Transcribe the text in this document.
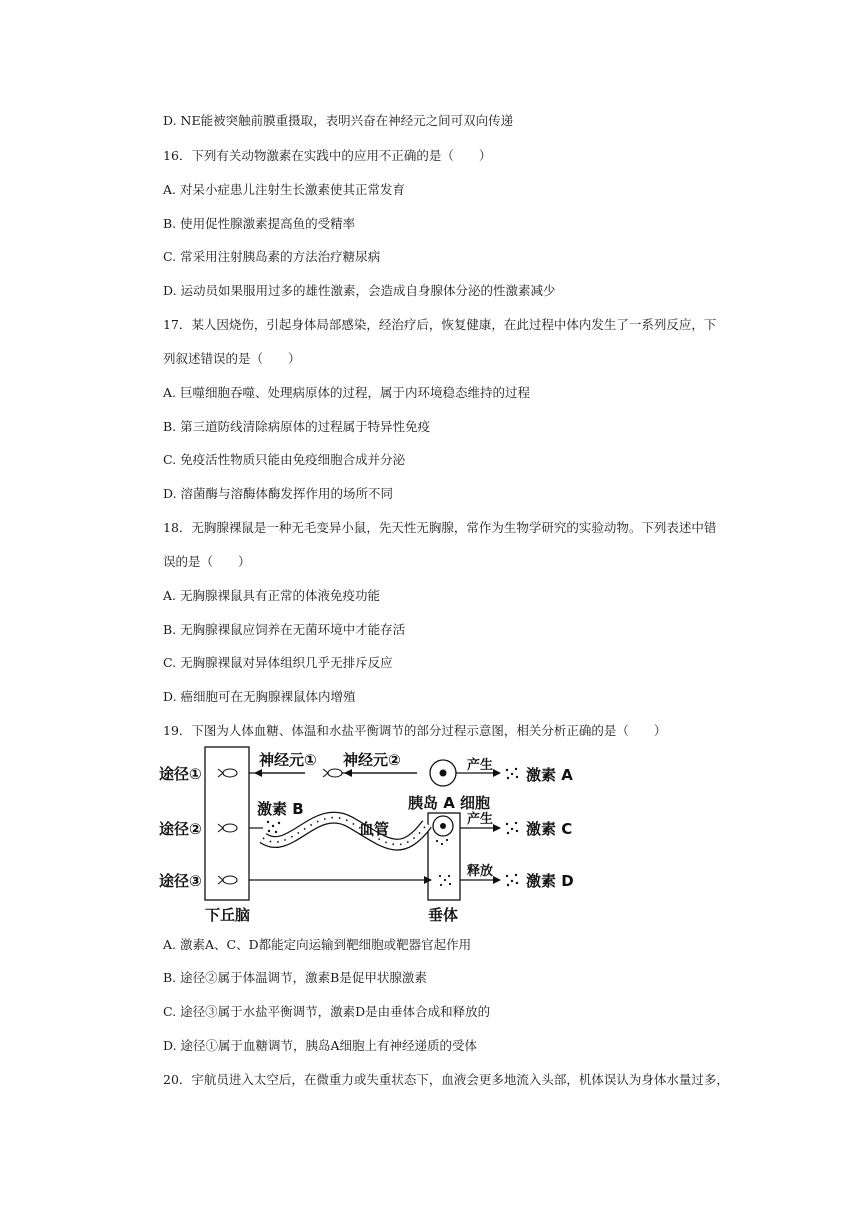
D. NE能被突触前膜重摄取，表明兴奋在神经元之间可双向传递
16．下列有关动物激素在实践中的应用不正确的是（　　）
A. 对呆小症患儿注射生长激素使其正常发育
B. 使用促性腺激素提高鱼的受精率
C. 常采用注射胰岛素的方法治疗糖尿病
D. 运动员如果服用过多的雄性激素，会造成自身腺体分泌的性激素减少
17．某人因烧伤，引起身体局部感染，经治疗后，恢复健康，在此过程中体内发生了一系列反应，下
列叙述错误的是（　　）
A. 巨噬细胞吞噬、处理病原体的过程，属于内环境稳态维持的过程
B. 第三道防线清除病原体的过程属于特异性免疫
C. 免疫活性物质只能由免疫细胞合成并分泌
D. 溶菌酶与溶酶体酶发挥作用的场所不同
18．无胸腺裸鼠是一种无毛变异小鼠，先天性无胸腺，常作为生物学研究的实验动物。下列表述中错
误的是（　　）
A. 无胸腺裸鼠具有正常的体液免疫功能
B. 无胸腺裸鼠应饲养在无菌环境中才能存活
C. 无胸腺裸鼠对异体组织几乎无排斥反应
D. 癌细胞可在无胸腺裸鼠体内增殖
19．下图为人体血糖、体温和水盐平衡调节的部分过程示意图，相关分析正确的是（　　）
途径①
途径②
途径③
神经元① 神经元②
胰岛 A 细胞
激素 B
血管
产生
产生
释放
激素 A
激素 C
激素 D
下丘脑	垂体
A. 激素A、C、D都能定向运输到靶细胞或靶器官起作用
B. 途径②属于体温调节，激素B是促甲状腺激素
C. 途径③属于水盐平衡调节，激素D是由垂体合成和释放的
D. 途径①属于血糖调节，胰岛A细胞上有神经递质的受体
20．宇航员进入太空后，在微重力或失重状态下，血液会更多地流入头部，机体误认为身体水量过多，
